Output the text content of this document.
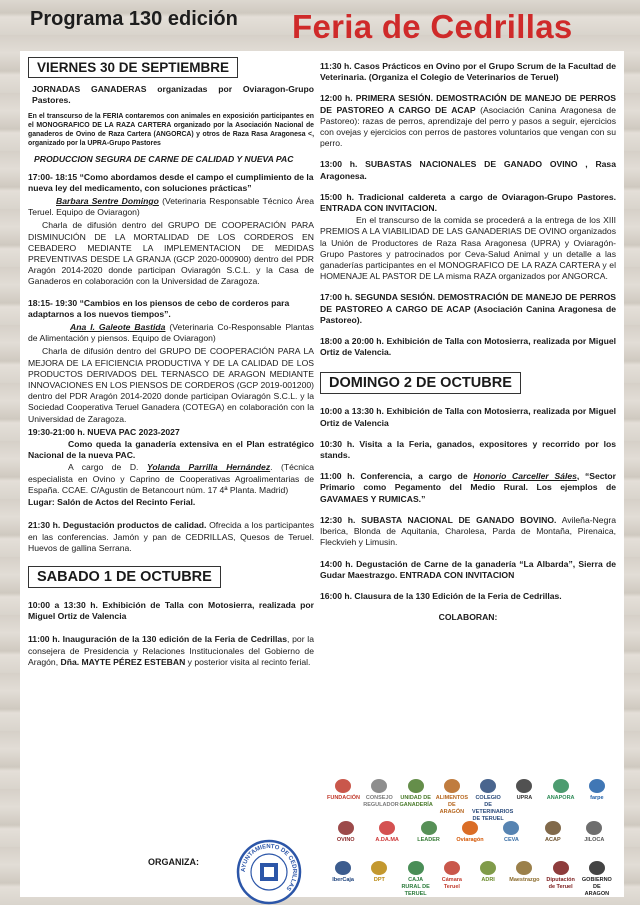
Programa 130 edición Feria de Cedrillas
VIERNES 30 DE SEPTIEMBRE

JORNADAS GANADERAS organizadas por Oviaragon-Grupo Pastores.

En el transcurso de la FERIA contaremos con animales en exposición participantes en el MONOGRAFICO DE LA RAZA CARTERA organizado por la Asociación Nacional de ganaderos de Ovino de Raza Cartera (ANGORCA) y otros de Raza Rasa Aragonesa <, organizado por la UPRA-Grupo Pastores

PRODUCCION SEGURA DE CARNE DE CALIDAD Y NUEVA PAC

17:00- 18:15 “Como abordamos desde el campo el cumplimiento de la nueva ley del medicamento, con soluciones prácticas”

Barbara Sentre Domingo (Veterinaria Responsable Técnico Área Teruel. Equipo de Oviaragon)

Charla de difusión dentro del GRUPO DE COOPERACIÓN PARA DISMINUCIÓN DE LA MORTALIDAD DE LOS CORDEROS EN CEBADERO MEDIANTE LA IMPLEMENTACION DE MEDIDAS PREVENTIVAS DESDE LA GRANJA (GCP 2020-000900) dentro del PDR Aragón 2014-2020 donde participan Oviaragón S.C.L. y la Casa de Ganaderos en colaboración con la Universidad de Zaragoza.

18:15- 19:30 “Cambios en los piensos de cebo de corderos para adaptarnos a los nuevos tiempos”.

Ana I. Galeote Bastida (Veterinaria Co-Responsable Plantas de Alimentación y piensos. Equipo de Oviaragon)

Charla de difusión dentro del GRUPO DE COOPERACIÓN PARA LA MEJORA DE LA EFICIENCIA PRODUCTIVA Y DE LA CALIDAD DE LOS PRODUCTOS DERIVADOS DEL TERNASCO DE ARAGON MEDIANTE INNOVACIONES EN LOS PIENSOS DE CORDEROS (GCP 2019-001200) dentro del PDR Aragón 2014-2020 donde participan Oviaragón S.C.L. y la Sociedad Cooperativa Teruel Ganadera (COTEGA) en colaboración con la Universidad de Zaragoza.

19:30-21:00 h. NUEVA PAC 2023-2027

Como queda la ganadería extensiva en el Plan estratégico Nacional de la nueva PAC.

A cargo de D. Yolanda Parrilla Hernández. (Técnica especialista en Ovino y Caprino de Cooperativas Agroalimentarias de España. CCAE. C/Agustin de Betancourt núm. 17 4ª Planta. Madrid)

Lugar: Salón de Actos del Recinto Ferial.

21:30 h. Degustación productos de calidad. Ofrecida a los participantes en las conferencias. Jamón y pan de CEDRILLAS, Quesos de Teruel. Huevos de gallina Serrana.

SABADO 1 DE OCTUBRE

10:00 a 13:30 h. Exhibición de Talla con Motosierra, realizada por Miguel Ortiz de Valencia

11:00 h. Inauguración de la 130 edición de la Feria de Cedrillas, por la consejera de Presidencia y Relaciones Institucionales del Gobierno de Aragón, Dña. MAYTE PÉREZ ESTEBAN y posterior visita al recinto ferial.

ORGANIZA:
AYUNTAMIENTO DE CEDRILLAS

11:30 h. Casos Prácticos en Ovino por el Grupo Scrum de la Facultad de Veterinaria. (Organiza el Colegio de Veterinarios de Teruel)

12:00 h. PRIMERA SESIÓN. DEMOSTRACIÓN DE MANEJO DE PERROS DE PASTOREO A CARGO DE ACAP (Asociación Canina Aragonesa de Pastoreo): razas de perros, aprendizaje del perro y pasos a seguir, ejercicios con ovejas y ejercicios con perros de pastores voluntarios que vengan con su perro.

13:00 h. SUBASTAS NACIONALES DE GANADO OVINO , Rasa Aragonesa.

15:00 h. Tradicional caldereta a cargo de Oviaragon-Grupo Pastores. ENTRADA CON INVITACION.

En el transcurso de la comida se procederá a la entrega de los XIII PREMIOS A LA VIABILIDAD DE LAS GANADERIAS DE OVINO organizados la Unión de Productores de Raza Rasa Aragonesa (UPRA) y Oviaragón-Grupo Pastores y patrocinados por Ceva-Salud Animal y un detalle a las ganaderías participantes en el MONOGRAFICO DE LA RAZA CARTERA y el HOMENAJE AL PASTOR DE LA misma RAZA organizados por ANGORCA.

17:00 h. SEGUNDA SESIÓN. DEMOSTRACIÓN DE MANEJO DE PERROS DE PASTOREO A CARGO DE ACAP (Asociación Canina Aragonesa de Pastoreo).

18:00 a 20:00 h. Exhibición de Talla con Motosierra, realizada por Miguel Ortiz de Valencia.

DOMINGO 2 DE OCTUBRE

10:00 a 13:30 h. Exhibición de Talla con Motosierra, realizada por Miguel Ortiz de Valencia

10:30 h. Visita a la Feria, ganados, expositores y recorrido por los stands.

11:00 h. Conferencia, a cargo de Honorio Carceller Sáles, “Sector Primario como Pegamento del Medio Rural. Los ejemplos de GAVAMAES Y RUMICAS.”

12:30 h. SUBASTA NACIONAL DE GANADO BOVINO. Avileña-Negra Iberica, Blonda de Aquitania, Charolesa, Parda de Montaña, Pirenaica, Fleckvieh y Limusin.

14:00 h. Degustación de Carne de la ganadería “La Albarda”, Sierra de Gudar Maestrazgo. ENTRADA CON INVITACION

16:00 h. Clausura de la 130 Edición de la Feria de Cedrillas.

COLABORAN:

FUNDACIÓN	CONSEJO REGULADOR
UNIDAD DE GANADERÍA
ALIMENTOS DE ARAGÓN
COLEGIO DE VETERINARIOS DE TERUEL
UPRA	ANAPORA	farpe
OVINO	A.DA.MA	LEADER	Oviaragón	CEVA	ACAP	JILOCA
IberCaja	DPT	CAJA RURAL DE TERUEL
Cámara Teruel
ADRI	Maestrazgo	Diputación de Teruel
GOBIERNO DE ARAGON
